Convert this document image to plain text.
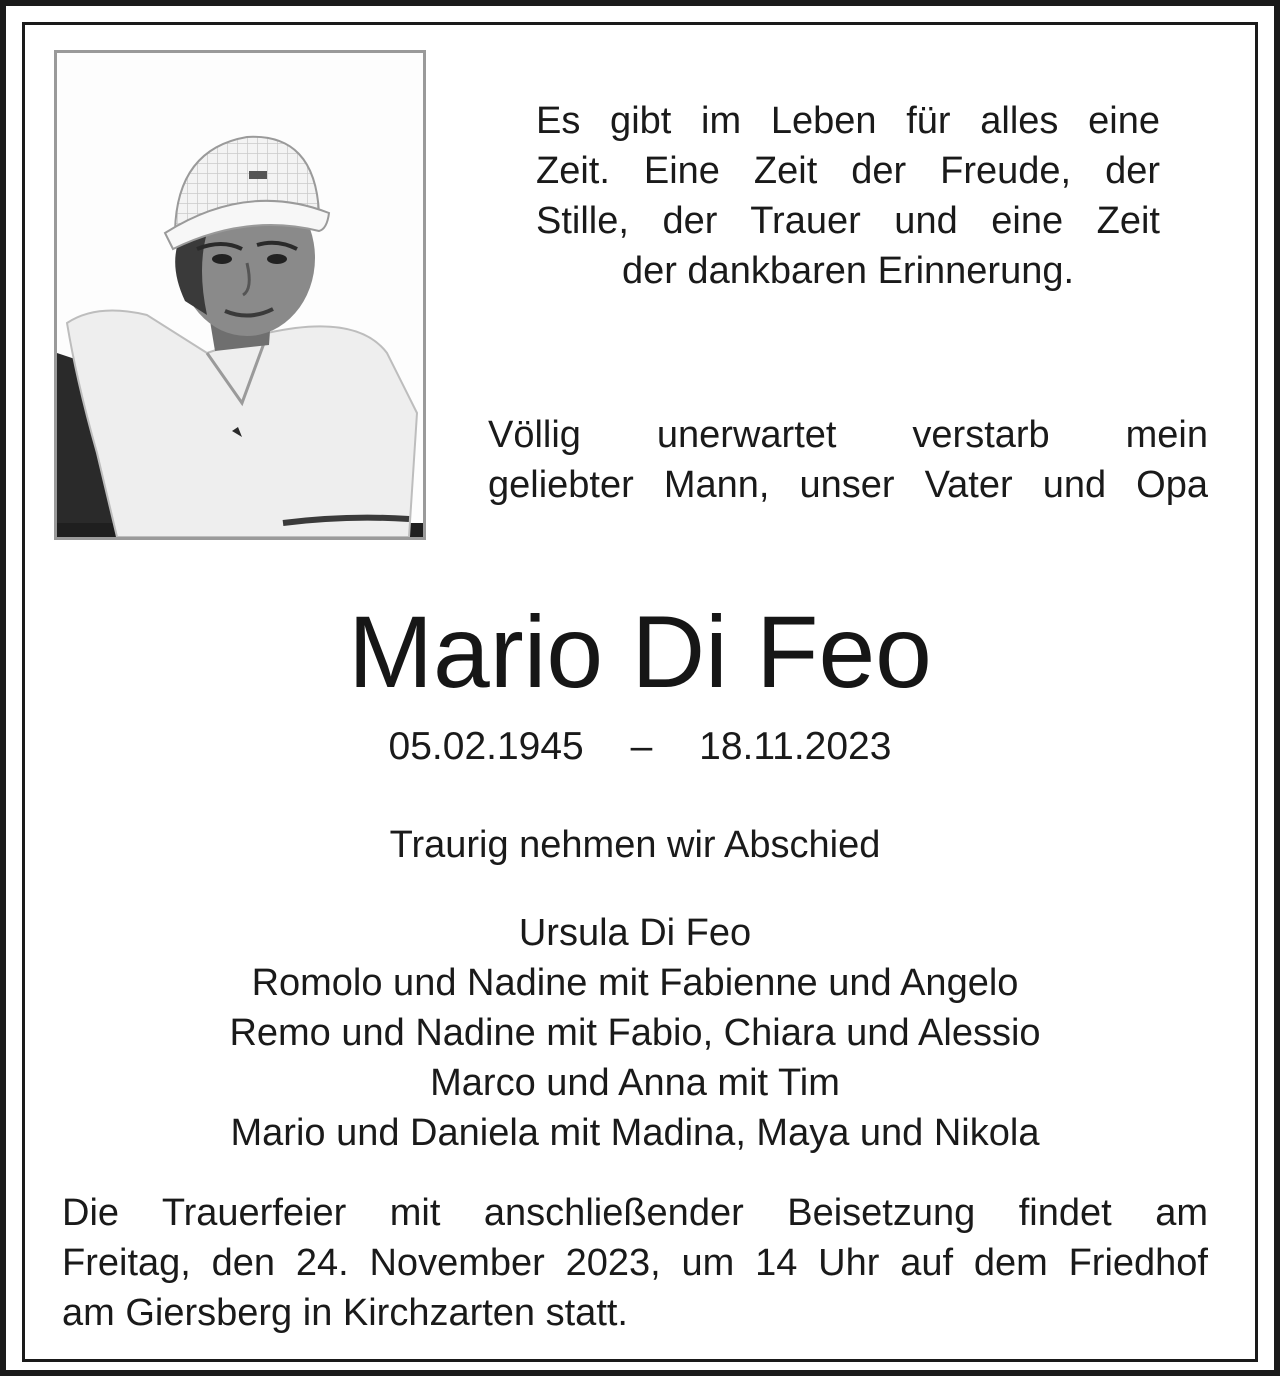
Es gibt im Leben für alles eine
Zeit. Eine Zeit der Freude, der
Stille, der Trauer und eine Zeit
der dankbaren Erinnerung.
Völlig unerwartet verstarb mein
geliebter Mann, unser Vater und Opa
Mario Di Feo
05.02.1945 – 18.11.2023
Traurig nehmen wir Abschied
Ursula Di Feo
Romolo und Nadine mit Fabienne und Angelo
Remo und Nadine mit Fabio, Chiara und Alessio
Marco und Anna mit Tim
Mario und Daniela mit Madina, Maya und Nikola
Die Trauerfeier mit anschließender Beisetzung findet am
Freitag, den 24. November 2023, um 14 Uhr auf dem Friedhof
am Giersberg in Kirchzarten statt.
